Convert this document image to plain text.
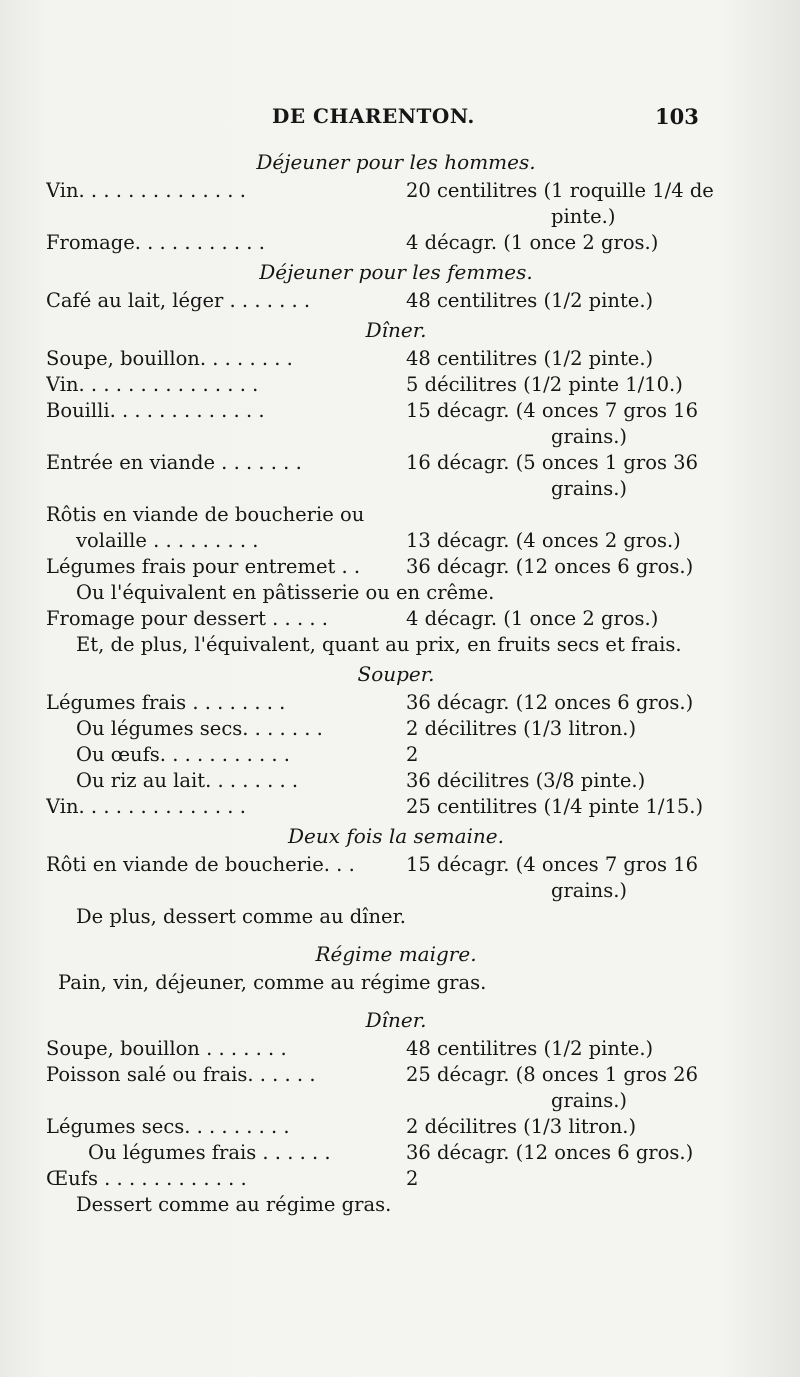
DE CHARENTON.	103
Déjeuner pour les hommes.
Vin. . . . . . . . . . . . . .	20 centilitres (1 roquille 1/4 de
pinte.)
Fromage. . . . . . . . . . .	4 décagr. (1 once 2 gros.)
Déjeuner pour les femmes.
Café au lait, léger . . . . . . .	48 centilitres (1/2 pinte.)
Dîner.
Soupe, bouillon. . . . . . . .	48 centilitres (1/2 pinte.)
Vin. . . . . . . . . . . . . . .	5 décilitres (1/2 pinte 1/10.)
Bouilli. . . . . . . . . . . . .	15 décagr. (4 onces 7 gros 16
grains.)
Entrée en viande . . . . . . .	16 décagr. (5 onces 1 gros 36
grains.)
Rôtis en viande de boucherie ou
volaille . . . . . . . . .	13 décagr. (4 onces 2 gros.)
Légumes frais pour entremet . .	36 décagr. (12 onces 6 gros.)
Ou l'équivalent en pâtisserie ou en crême.
Fromage pour dessert . . . . .	4 décagr. (1 once 2 gros.)
Et, de plus, l'équivalent, quant au prix, en fruits secs et frais.
Souper.
Légumes frais . . . . . . . .	36 décagr. (12 onces 6 gros.)
Ou légumes secs. . . . . . .	2 décilitres (1/3 litron.)
Ou œufs. . . . . . . . . . .	2
Ou riz au lait. . . . . . . .	36 décilitres (3/8 pinte.)
Vin. . . . . . . . . . . . . .	25 centilitres (1/4 pinte 1/15.)
Deux fois la semaine.
Rôti en viande de boucherie. . .	15 décagr. (4 onces 7 gros 16
grains.)
De plus, dessert comme au dîner.
Régime maigre.
Pain, vin, déjeuner, comme au régime gras.
Dîner.
Soupe, bouillon . . . . . . .	48 centilitres (1/2 pinte.)
Poisson salé ou frais. . . . . .	25 décagr. (8 onces 1 gros 26
grains.)
Légumes secs. . . . . . . . .	2 décilitres (1/3 litron.)
Ou légumes frais . . . . . .	36 décagr. (12 onces 6 gros.)
Œufs . . . . . . . . . . . .	2
Dessert comme au régime gras.
